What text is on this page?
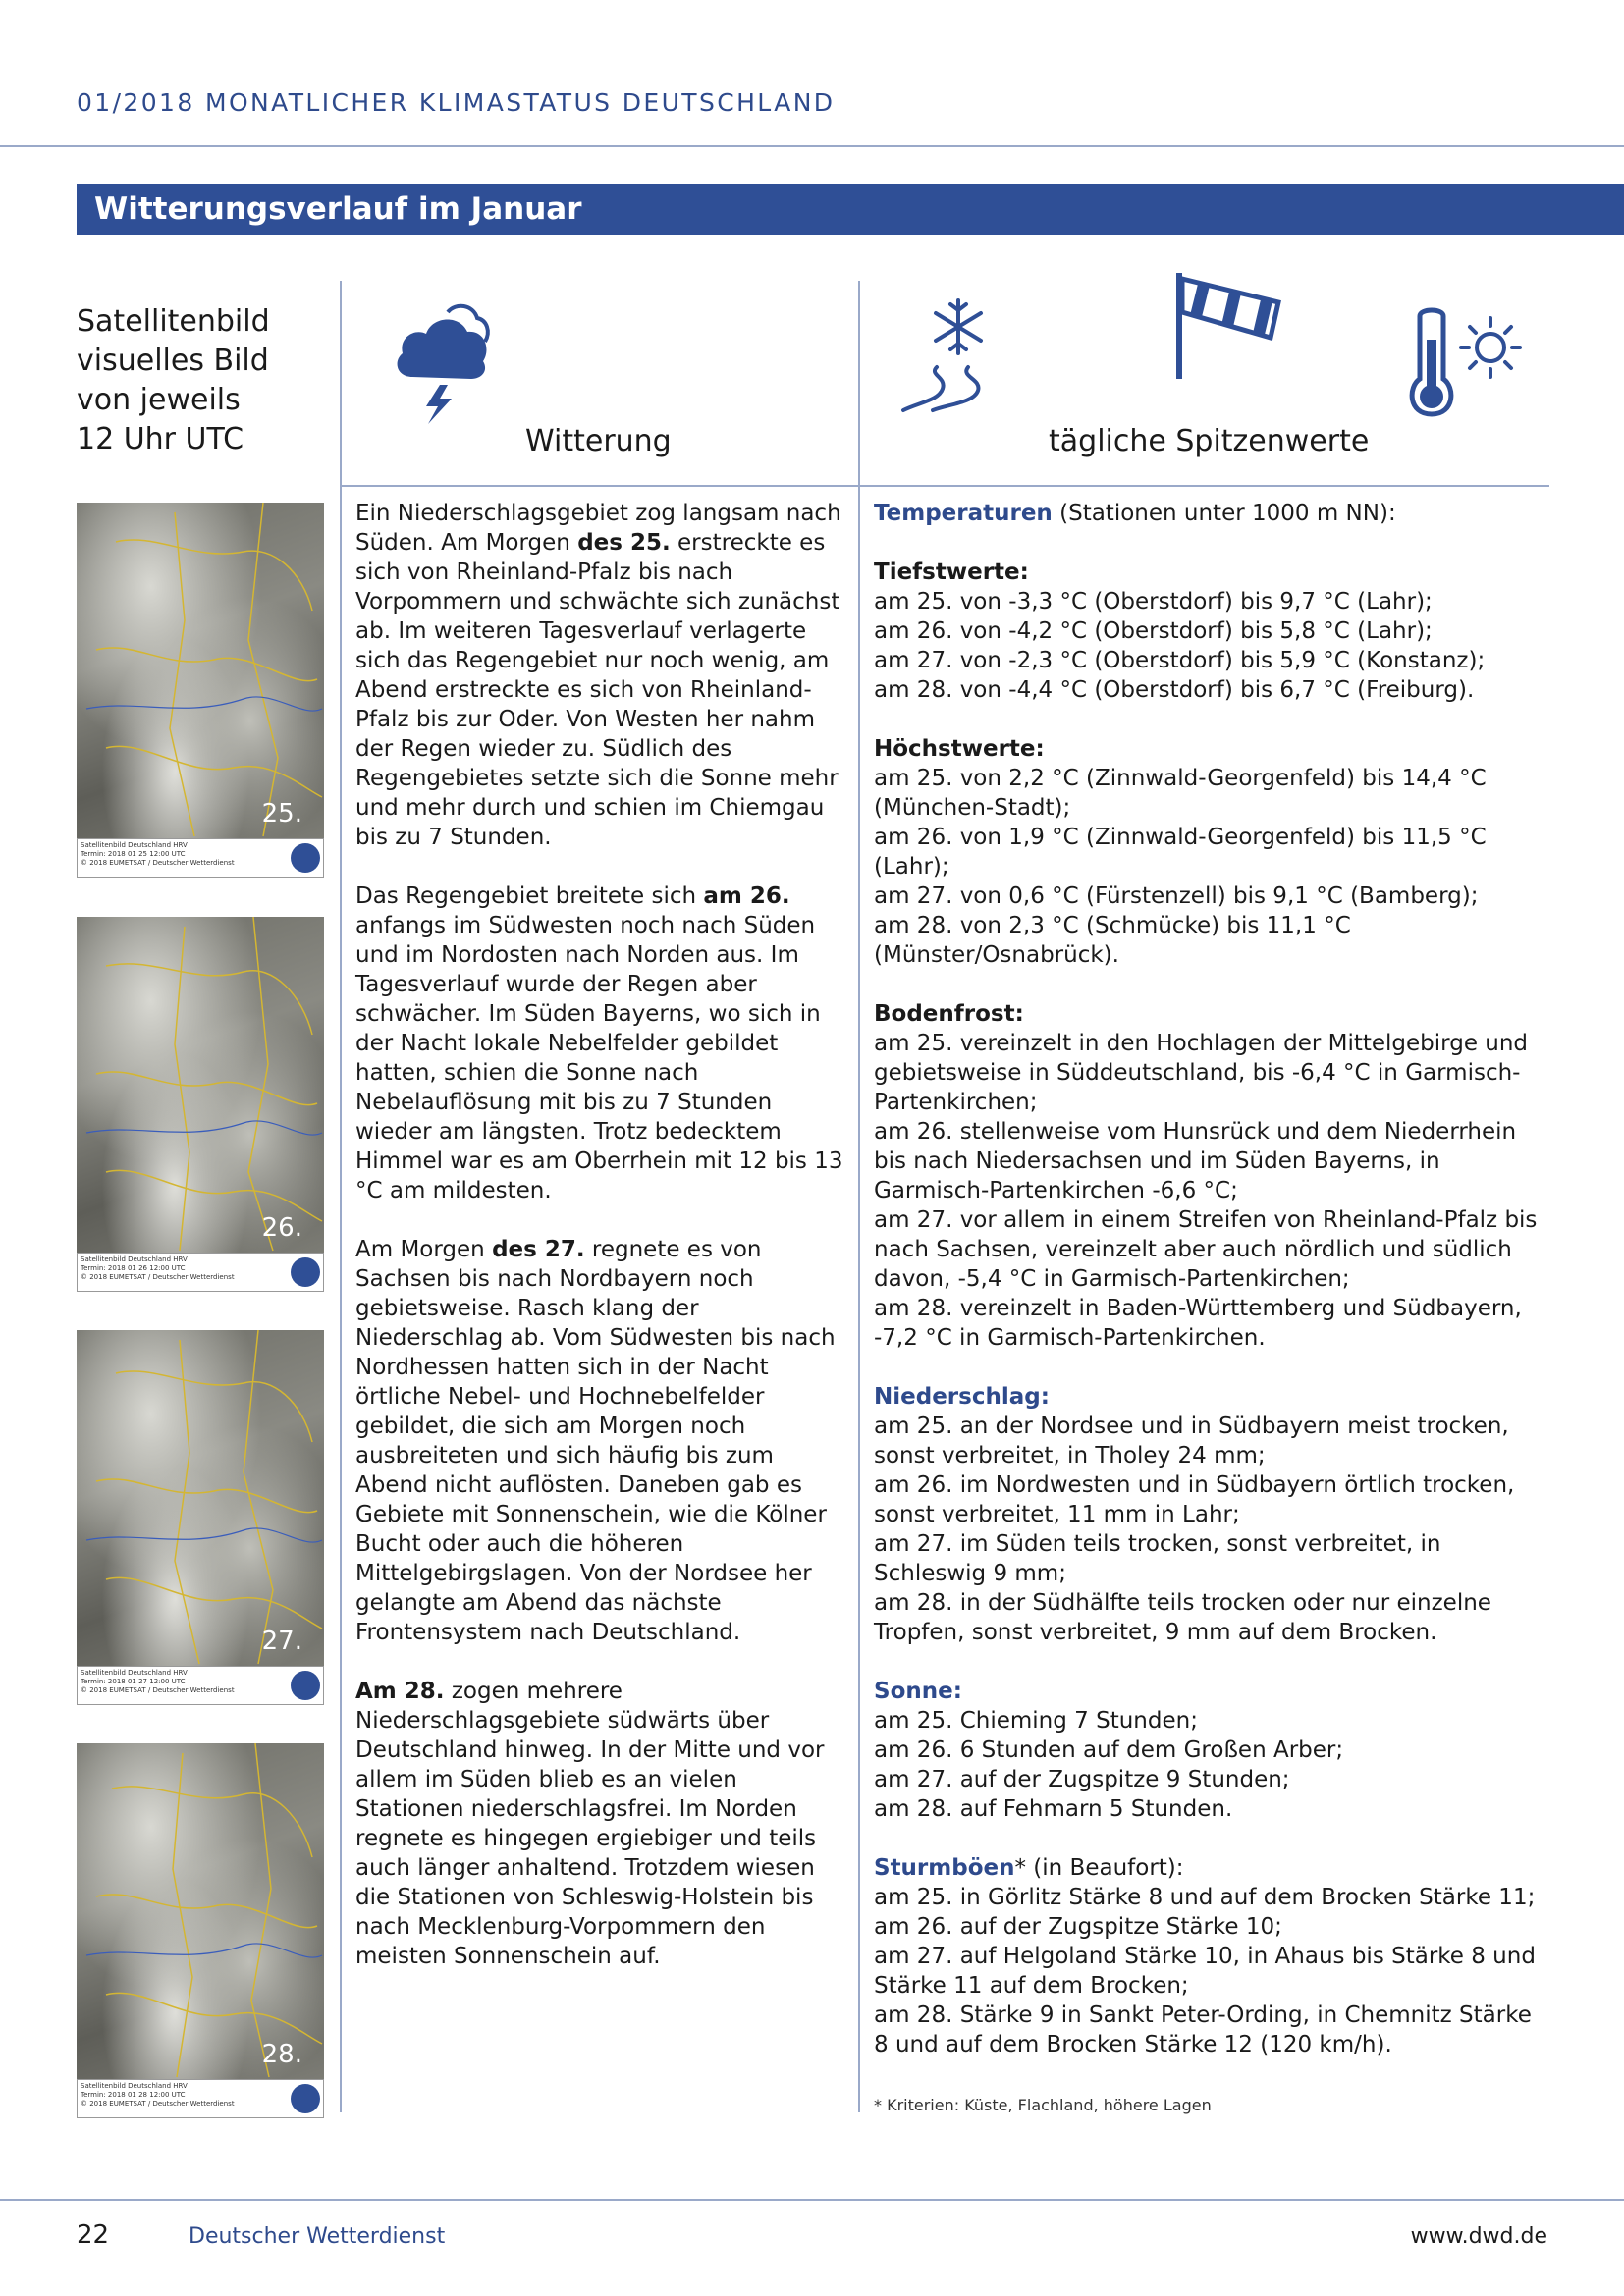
01/2018 MONATLICHER KLIMASTATUS DEUTSCHLAND
Witterungsverlauf im Januar
Satellitenbild
visuelles Bild
von jeweils
12 Uhr UTC	Witterung	tägliche Spitzenwerte
25.
Satellitenbild Deutschland HRV
Termin: 2018 01 25 12:00 UTC
© 2018 EUMETSAT / Deutscher Wetterdienst
26.
Satellitenbild Deutschland HRV
Termin: 2018 01 26 12:00 UTC
© 2018 EUMETSAT / Deutscher Wetterdienst
27.
Satellitenbild Deutschland HRV
Termin: 2018 01 27 12:00 UTC
© 2018 EUMETSAT / Deutscher Wetterdienst
28.
Satellitenbild Deutschland HRV
Termin: 2018 01 28 12:00 UTC
© 2018 EUMETSAT / Deutscher Wetterdienst

Ein Niederschlagsgebiet zog langsam nach Süden. Am Morgen des 25. erstreckte es sich von Rheinland-Pfalz bis nach Vorpommern und schwächte sich zunächst ab. Im weiteren Tagesverlauf verlagerte sich das Regengebiet nur noch wenig, am Abend erstreckte es sich von Rheinland-Pfalz bis zur Oder. Von Westen her nahm der Regen wieder zu. Südlich des Regengebietes setzte sich die Sonne mehr und mehr durch und schien im Chiemgau bis zu 7 Stunden.

Das Regengebiet breitete sich am 26. anfangs im Südwesten noch nach Süden und im Nordosten nach Norden aus. Im Tagesverlauf wurde der Regen aber schwächer. Im Süden Bayerns, wo sich in der Nacht lokale Nebelfelder gebildet hatten, schien die Sonne nach Nebelauflösung mit bis zu 7 Stunden wieder am längsten. Trotz bedecktem Himmel war es am Oberrhein mit 12 bis 13 °C am mildesten.

Am Morgen des 27. regnete es von Sachsen bis nach Nordbayern noch gebietsweise. Rasch klang der Niederschlag ab. Vom Südwesten bis nach Nordhessen hatten sich in der Nacht örtliche Nebel- und Hochnebelfelder gebildet, die sich am Morgen noch ausbreiteten und sich häufig bis zum Abend nicht auflösten. Daneben gab es Gebiete mit Sonnenschein, wie die Kölner Bucht oder auch die höheren Mittelgebirgslagen. Von der Nordsee her gelangte am Abend das nächste Frontensystem nach Deutschland.

Am 28. zogen mehrere Niederschlagsgebiete südwärts über Deutschland hinweg. In der Mitte und vor allem im Süden blieb es an vielen Stationen niederschlagsfrei. Im Norden regnete es hingegen ergiebiger und teils auch länger anhaltend. Trotzdem wiesen die Stationen von Schleswig-Holstein bis nach Mecklenburg-Vorpommern den meisten Sonnenschein auf.

Temperaturen (Stationen unter 1000 m NN):
Tiefstwerte:
am 25. von -3,3 °C (Oberstdorf) bis 9,7 °C (Lahr);
am 26. von -4,2 °C (Oberstdorf) bis 5,8 °C (Lahr);
am 27. von -2,3 °C (Oberstdorf) bis 5,9 °C (Konstanz);
am 28. von -4,4 °C (Oberstdorf) bis 6,7 °C (Freiburg).
Höchstwerte:
am 25. von 2,2 °C (Zinnwald-Georgenfeld) bis 14,4 °C (München-Stadt);
am 26. von 1,9 °C (Zinnwald-Georgenfeld) bis 11,5 °C (Lahr);
am 27. von 0,6 °C (Fürstenzell) bis 9,1 °C (Bamberg);
am 28. von 2,3 °C (Schmücke) bis 11,1 °C (Münster/Osnabrück).
Bodenfrost:
am 25. vereinzelt in den Hochlagen der Mittelgebirge und gebietsweise in Süddeutschland, bis -6,4 °C in Garmisch-Partenkirchen;
am 26. stellenweise vom Hunsrück und dem Niederrhein bis nach Niedersachsen und im Süden Bayerns, in Garmisch-Partenkirchen -6,6 °C;
am 27. vor allem in einem Streifen von Rheinland-Pfalz bis nach Sachsen, vereinzelt aber auch nördlich und südlich davon, -5,4 °C in Garmisch-Partenkirchen;
am 28. vereinzelt in Baden-Württemberg und Südbayern, -7,2 °C in Garmisch-Partenkirchen.
Niederschlag:
am 25. an der Nordsee und in Südbayern meist trocken, sonst verbreitet, in Tholey 24 mm;
am 26. im Nordwesten und in Südbayern örtlich trocken, sonst verbreitet, 11 mm in Lahr;
am 27. im Süden teils trocken, sonst verbreitet, in Schleswig 9 mm;
am 28. in der Südhälfte teils trocken oder nur einzelne Tropfen, sonst verbreitet, 9 mm auf dem Brocken.
Sonne:
am 25. Chieming 7 Stunden;
am 26. 6 Stunden auf dem Großen Arber;
am 27. auf der Zugspitze 9 Stunden;
am 28. auf Fehmarn 5 Stunden.
Sturmböen* (in Beaufort):
am 25. in Görlitz Stärke 8 und auf dem Brocken Stärke 11;
am 26. auf der Zugspitze Stärke 10;
am 27. auf Helgoland Stärke 10, in Ahaus bis Stärke 8 und Stärke 11 auf dem Brocken;
am 28. Stärke 9 in Sankt Peter-Ording, in Chemnitz Stärke 8 und auf dem Brocken Stärke 12 (120 km/h).
* Kriterien: Küste, Flachland, höhere Lagen
22	Deutscher Wetterdienst	www.dwd.de
